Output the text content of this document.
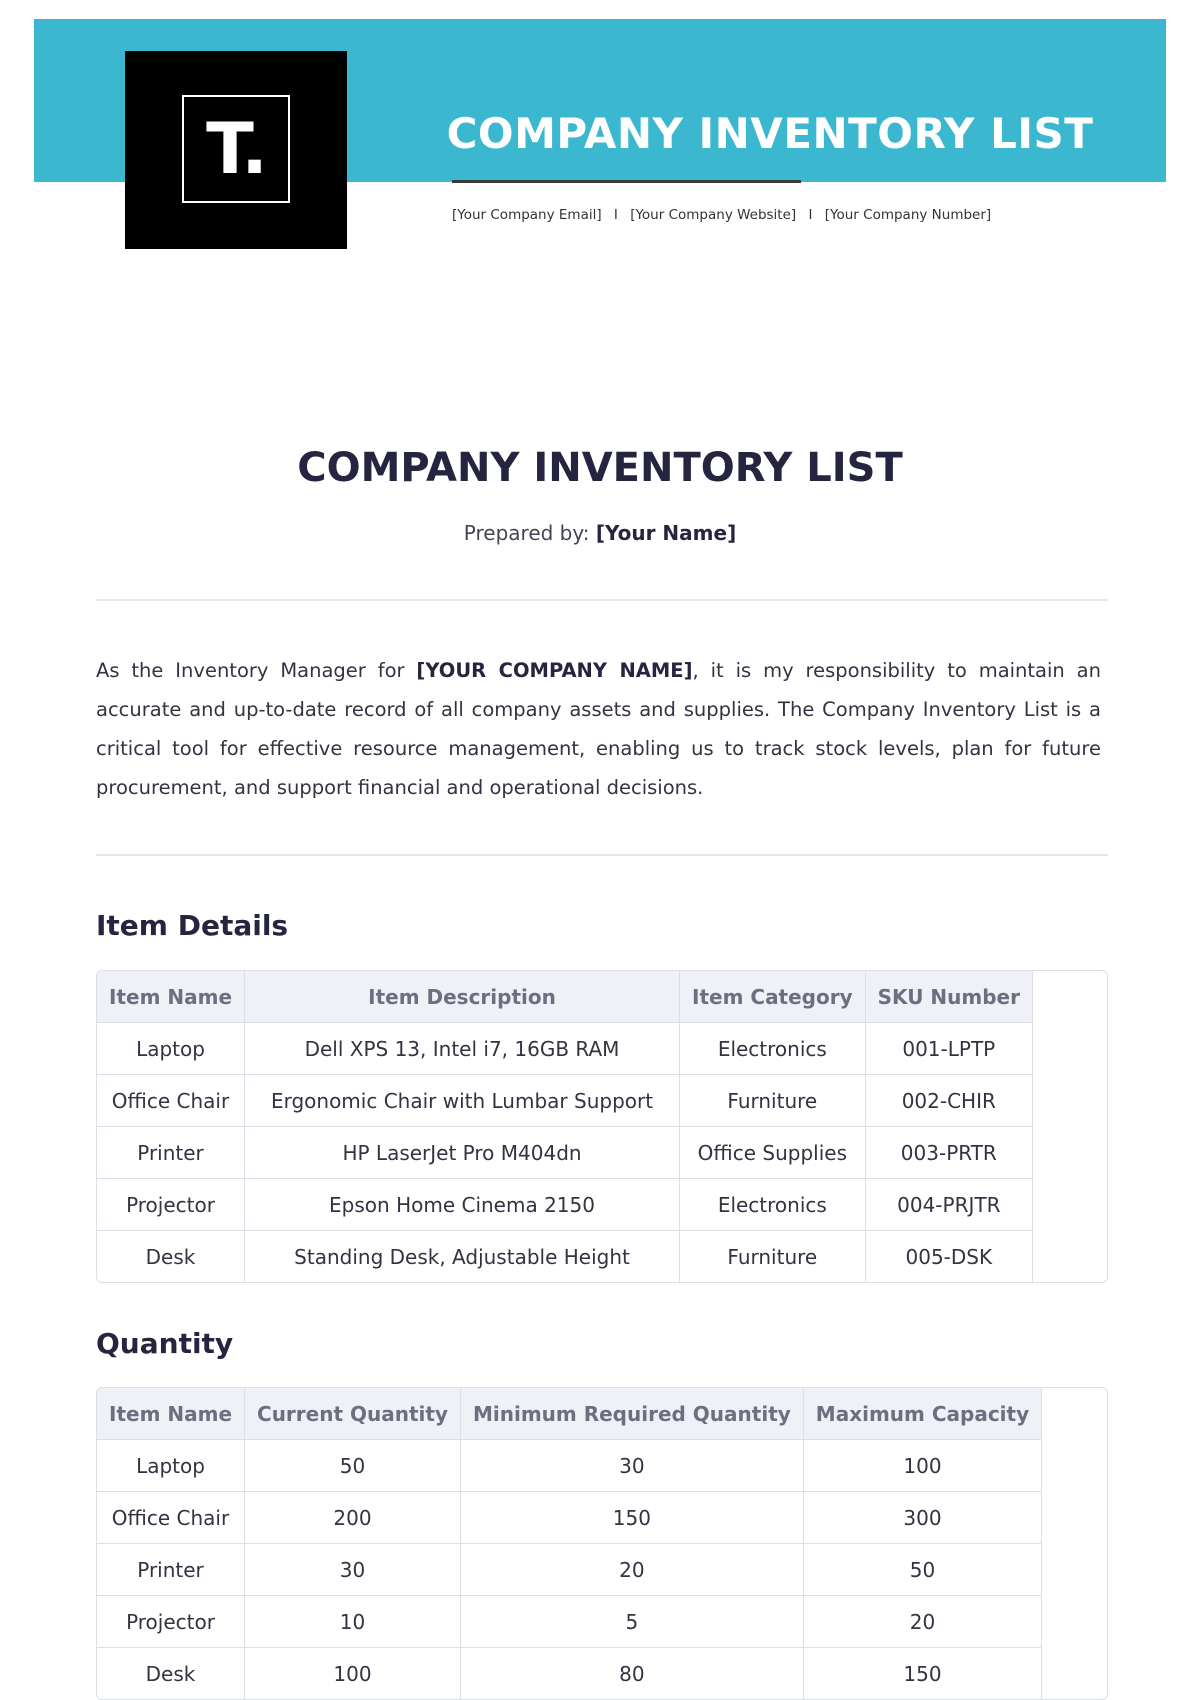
T.	COMPANY INVENTORY LIST
[Your Company Email] I [Your Company Website] I [Your Company Number]
COMPANY INVENTORY LIST
Prepared by: [Your Name]
As the Inventory Manager for [YOUR COMPANY NAME], it is my responsibility to maintain an accurate and up-to-date record of all company assets and supplies. The Company Inventory List is a critical tool for effective resource management, enabling us to track stock levels, plan for future procurement, and support financial and operational decisions.
Item Details
Item Name	Item Description	Item Category	SKU Number
Laptop	Dell XPS 13, Intel i7, 16GB RAM	Electronics	001-LPTP
Office Chair	Ergonomic Chair with Lumbar Support	Furniture	002-CHIR
Printer	HP LaserJet Pro M404dn	Office Supplies	003-PRTR
Projector	Epson Home Cinema 2150	Electronics	004-PRJTR
Desk	Standing Desk, Adjustable Height	Furniture	005-DSK
Quantity
Item Name	Current Quantity	Minimum Required Quantity	Maximum Capacity
Laptop	50	30	100
Office Chair	200	150	300
Printer	30	20	50
Projector	10	5	20
Desk	100	80	150
